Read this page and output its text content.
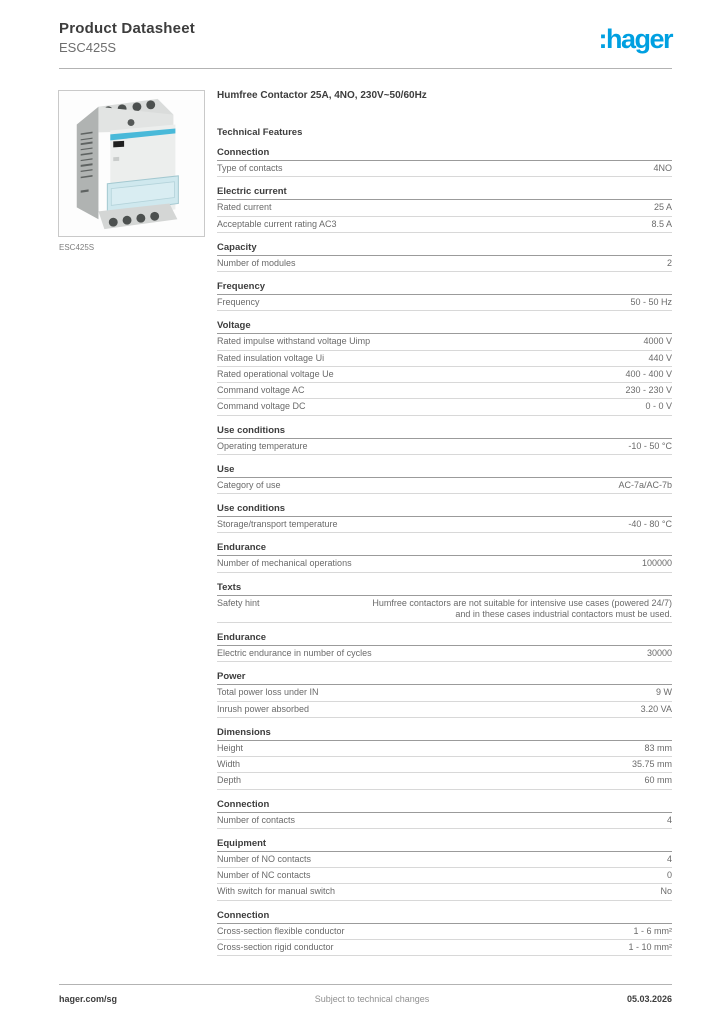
Product Datasheet
ESC425S	:hager
ESC425S
Humfree Contactor 25A, 4NO, 230V~50/60Hz
Technical Features
Connection
Type of contacts	4NO
Electric current
Rated current	25 A
Acceptable current rating AC3	8.5 A
Capacity
Number of modules	2
Frequency
Frequency	50 - 50 Hz
Voltage
Rated impulse withstand voltage Uimp	4000 V
Rated insulation voltage Ui	440 V
Rated operational voltage Ue	400 - 400 V
Command voltage AC	230 - 230 V
Command voltage DC	0 - 0 V
Use conditions
Operating temperature	-10 - 50 °C
Use
Category of use	AC-7a/AC-7b
Use conditions
Storage/transport temperature	-40 - 80 °C
Endurance
Number of mechanical operations	100000
Texts
Safety hint	Humfree contactors are not suitable for intensive use cases (powered 24/7) and in these cases industrial contactors must be used.
Endurance
Electric endurance in number of cycles	30000
Power
Total power loss under IN	9 W
Inrush power absorbed	3.20 VA
Dimensions
Height	83 mm
Width	35.75 mm
Depth	60 mm
Connection
Number of contacts	4
Equipment
Number of NO contacts	4
Number of NC contacts	0
With switch for manual switch	No
Connection
Cross-section flexible conductor	1 - 6 mm²
Cross-section rigid conductor	1 - 10 mm²
hager.com/sg	Subject to technical changes	05.03.2026
